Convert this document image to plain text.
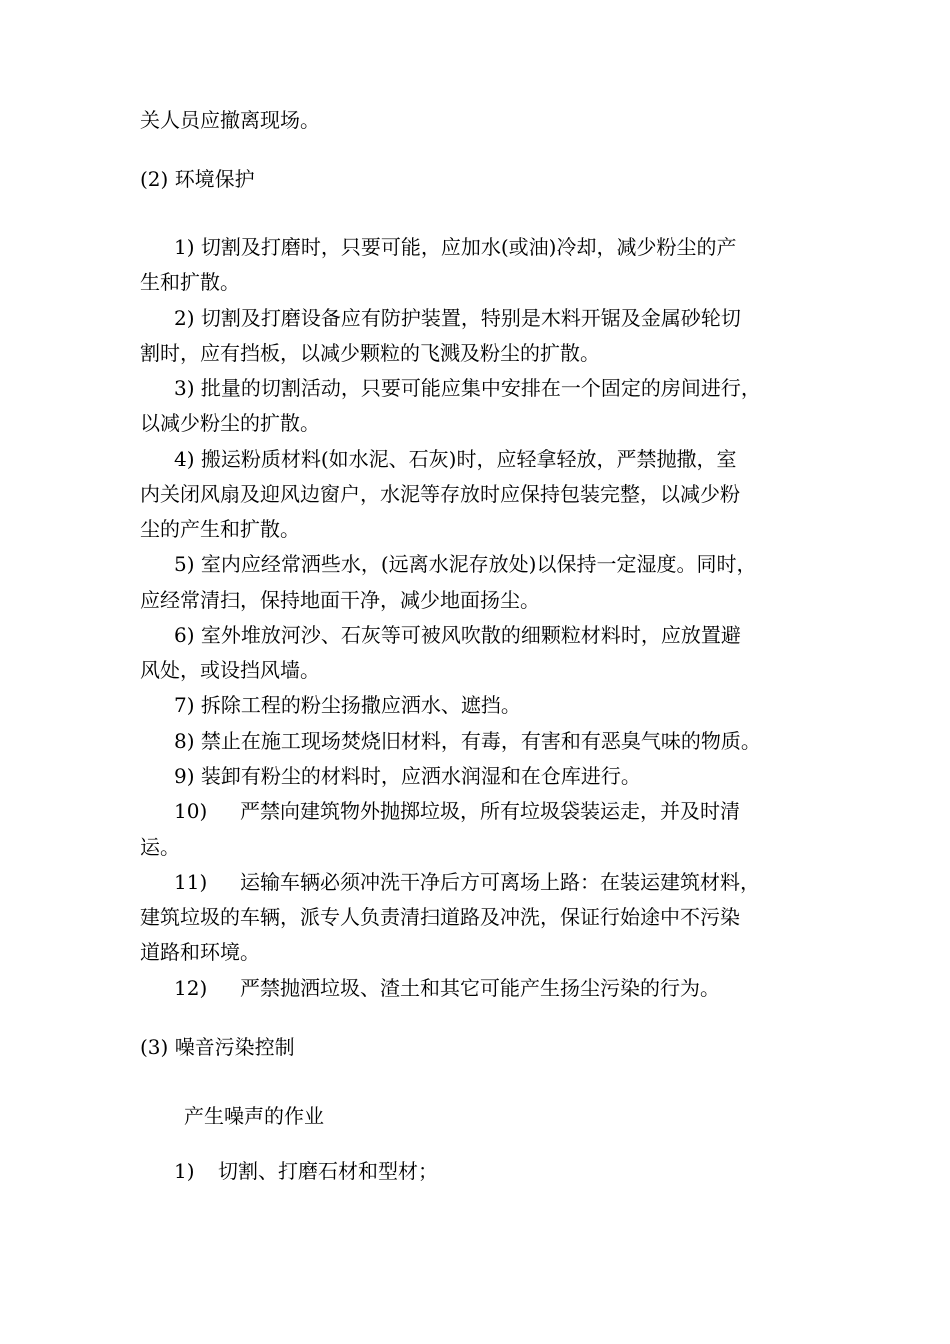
关人员应撤离现场。
(2) 环境保护
1) 切割及打磨时，只要可能，应加水(或油)冷却，减少粉尘的产
生和扩散。
2) 切割及打磨设备应有防护装置，特别是木料开锯及金属砂轮切
割时，应有挡板，以减少颗粒的飞溅及粉尘的扩散。
3) 批量的切割活动，只要可能应集中安排在一个固定的房间进行，
以减少粉尘的扩散。
4) 搬运粉质材料(如水泥、石灰)时，应轻拿轻放，严禁抛撒，室
内关闭风扇及迎风边窗户，水泥等存放时应保持包装完整，以减少粉
尘的产生和扩散。
5) 室内应经常洒些水，(远离水泥存放处)以保持一定湿度。同时，
应经常清扫，保持地面干净，减少地面扬尘。
6) 室外堆放河沙、石灰等可被风吹散的细颗粒材料时，应放置避
风处，或设挡风墙。
7) 拆除工程的粉尘扬撒应洒水、遮挡。
8) 禁止在施工现场焚烧旧材料，有毒，有害和有恶臭气味的物质。
9) 装卸有粉尘的材料时，应洒水润湿和在仓库进行。
10)	严禁向建筑物外抛掷垃圾，所有垃圾袋装运走，并及时清
运。
11)	运输车辆必须冲洗干净后方可离场上路：在装运建筑材料，
建筑垃圾的车辆，派专人负责清扫道路及冲洗，保证行始途中不污染
道路和环境。
12)	严禁抛洒垃圾、渣土和其它可能产生扬尘污染的行为。
(3) 噪音污染控制
产生噪声的作业
1)	切割、打磨石材和型材；
